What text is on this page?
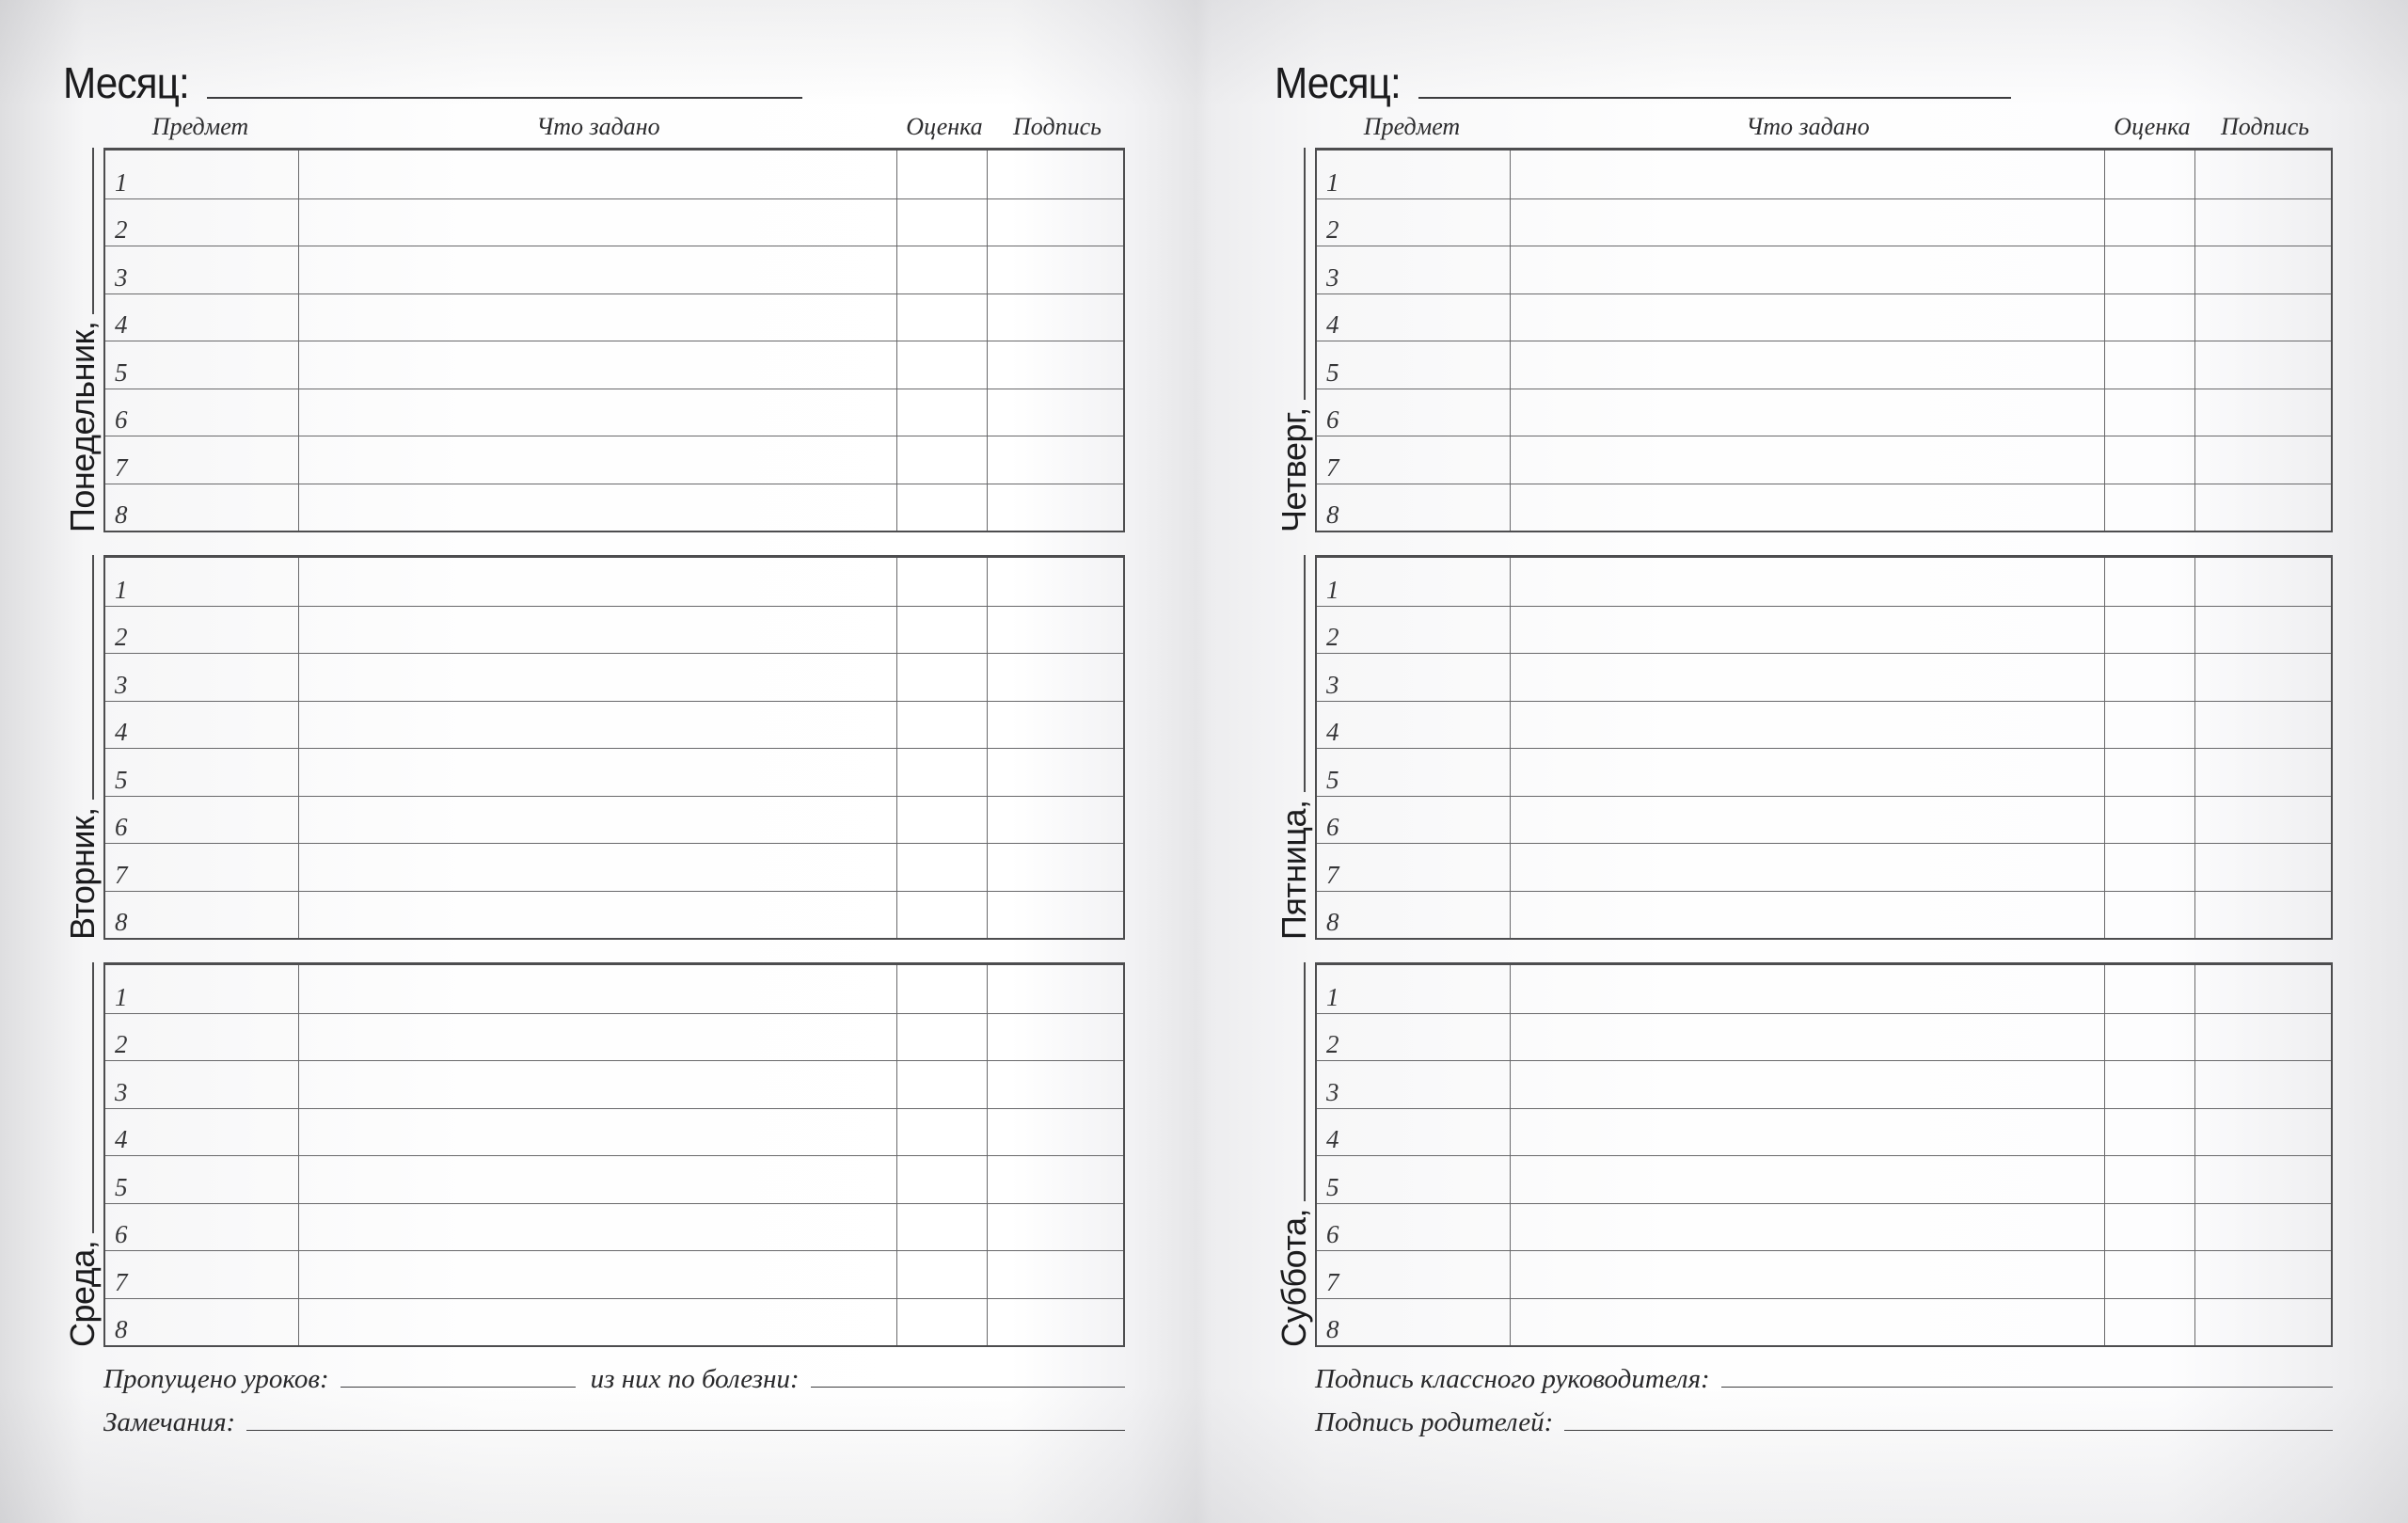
Месяц:
Предмет	Что задано	Оценка	Подпись
Понедельник,
1
2
3
4
5
6
7
8
Вторник,
1
2
3
4
5
6
7
8
Среда,
1
2
3
4
5
6
7
8
Пропущено уроков:	из них по болезни:
Замечания:
Месяц:
Предмет	Что задано	Оценка	Подпись
Четверг,
1
2
3
4
5
6
7
8
Пятница,
1
2
3
4
5
6
7
8
Суббота,
1
2
3
4
5
6
7
8
Подпись классного руководителя:
Подпись родителей:
